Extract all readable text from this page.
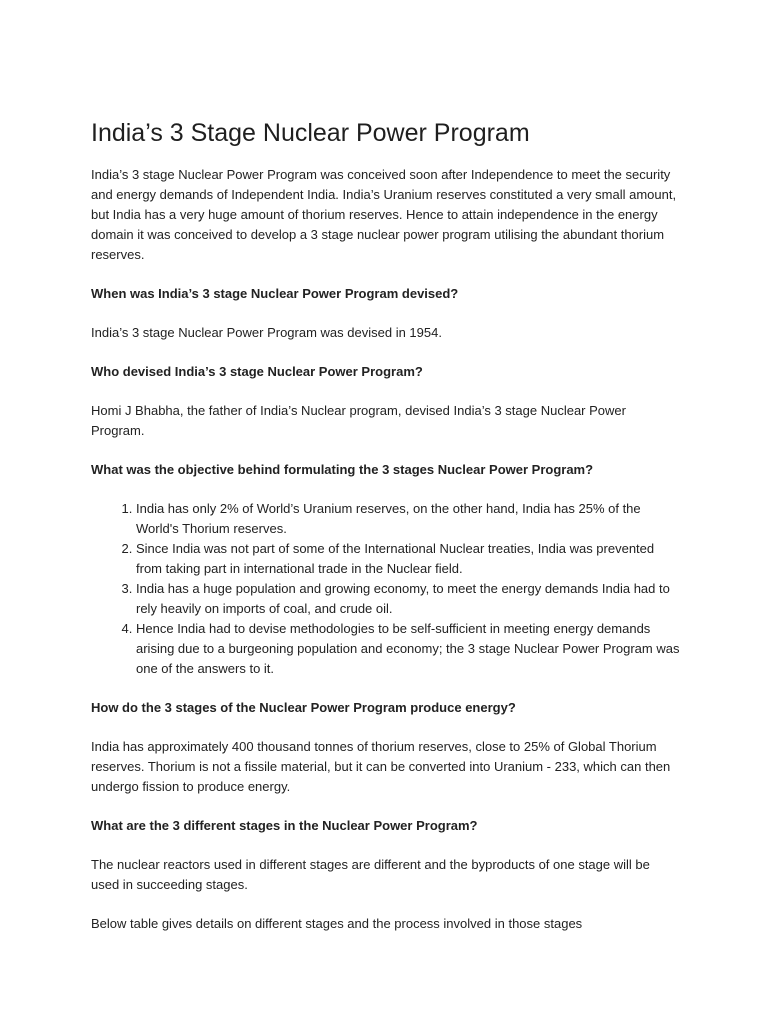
India’s 3 Stage Nuclear Power Program

India’s 3 stage Nuclear Power Program was conceived soon after Independence to meet the security and energy demands of Independent India. India’s Uranium reserves constituted a very small amount, but India has a very huge amount of thorium reserves. Hence to attain independence in the energy domain it was conceived to develop a 3 stage nuclear power program utilising the abundant thorium reserves.

When was India’s 3 stage Nuclear Power Program devised?

India’s 3 stage Nuclear Power Program was devised in 1954.

Who devised India’s 3 stage Nuclear Power Program?

Homi J Bhabha, the father of India’s Nuclear program, devised India’s 3 stage Nuclear Power Program.

What was the objective behind formulating the 3 stages Nuclear Power Program?

1. India has only 2% of World’s Uranium reserves, on the other hand, India has 25% of the World's Thorium reserves.
2. Since India was not part of some of the International Nuclear treaties, India was prevented from taking part in international trade in the Nuclear field.
3. India has a huge population and growing economy, to meet the energy demands India had to rely heavily on imports of coal, and crude oil.
4. Hence India had to devise methodologies to be self-sufficient in meeting energy demands arising due to a burgeoning population and economy; the 3 stage Nuclear Power Program was one of the answers to it.

How do the 3 stages of the Nuclear Power Program produce energy?

India has approximately 400 thousand tonnes of thorium reserves, close to 25% of Global Thorium reserves. Thorium is not a fissile material, but it can be converted into Uranium - 233, which can then undergo fission to produce energy.

What are the 3 different stages in the Nuclear Power Program?

The nuclear reactors used in different stages are different and the byproducts of one stage will be used in succeeding stages.

Below table gives details on different stages and the process involved in those stages
